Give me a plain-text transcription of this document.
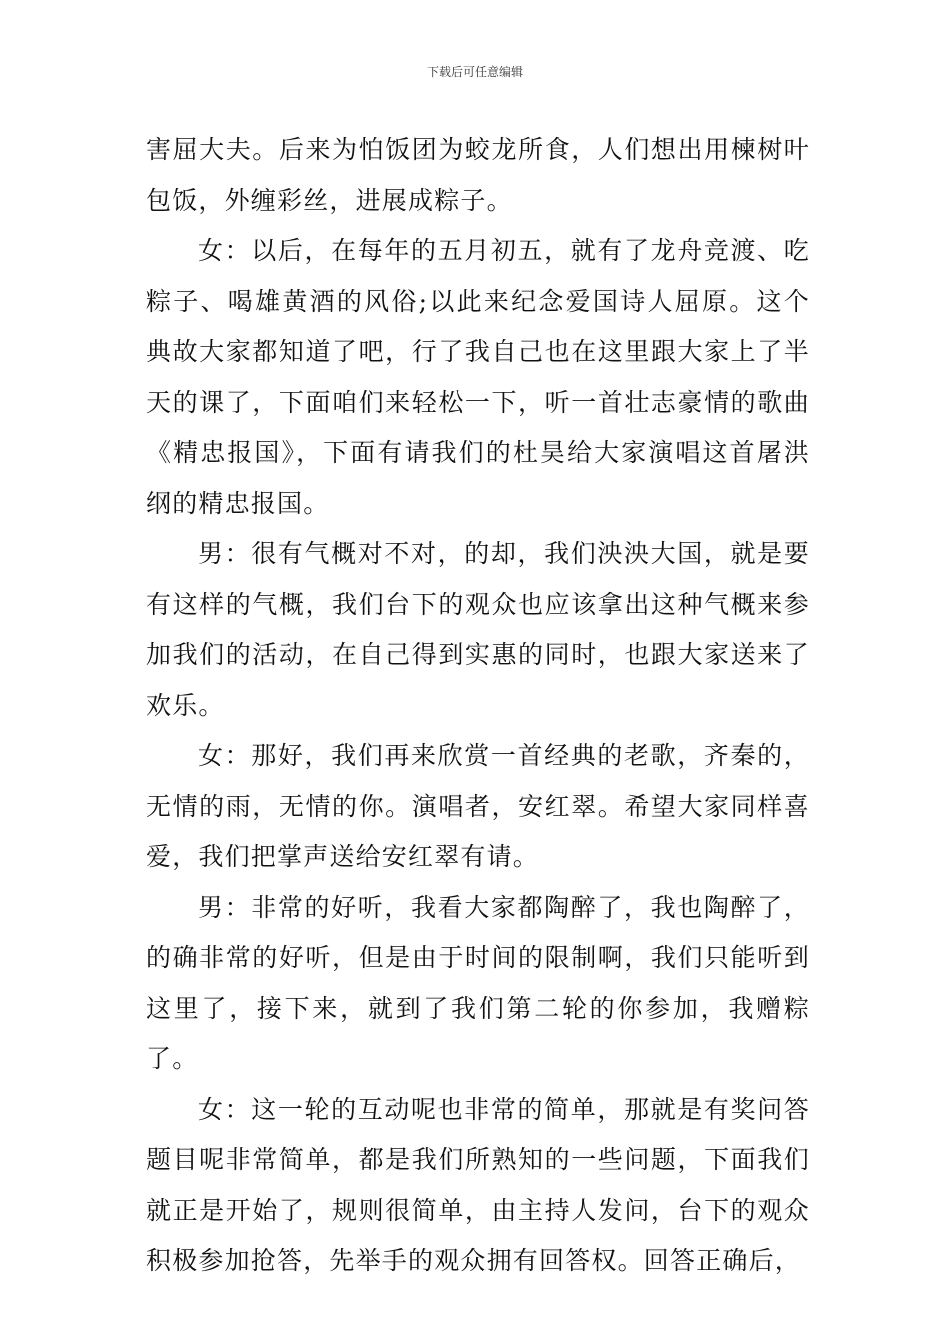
下载后可任意编辑

害屈大夫。后来为怕饭团为蛟龙所食，人们想出用楝树叶包饭，外缠彩丝，进展成粽子。

女：以后，在每年的五月初五，就有了龙舟竞渡、吃粽子、喝雄黄酒的风俗;以此来纪念爱国诗人屈原。这个典故大家都知道了吧，行了我自己也在这里跟大家上了半天的课了，下面咱们来轻松一下，听一首壮志豪情的歌曲《精忠报国》，下面有请我们的杜昊给大家演唱这首屠洪纲的精忠报国。

男：很有气概对不对，的却，我们泱泱大国，就是要有这样的气概，我们台下的观众也应该拿出这种气概来参加我们的活动，在自己得到实惠的同时，也跟大家送来了欢乐。

女：那好，我们再来欣赏一首经典的老歌，齐秦的，无情的雨，无情的你。演唱者，安红翠。希望大家同样喜爱，我们把掌声送给安红翠有请。

男：非常的好听，我看大家都陶醉了，我也陶醉了，的确非常的好听，但是由于时间的限制啊，我们只能听到这里了，接下来，就到了我们第二轮的你参加，我赠粽了。

女：这一轮的互动呢也非常的简单，那就是有奖问答题目呢非常简单，都是我们所熟知的一些问题，下面我们就正是开始了，规则很简单，由主持人发问，台下的观众积极参加抢答，先举手的观众拥有回答权。回答正确后，
